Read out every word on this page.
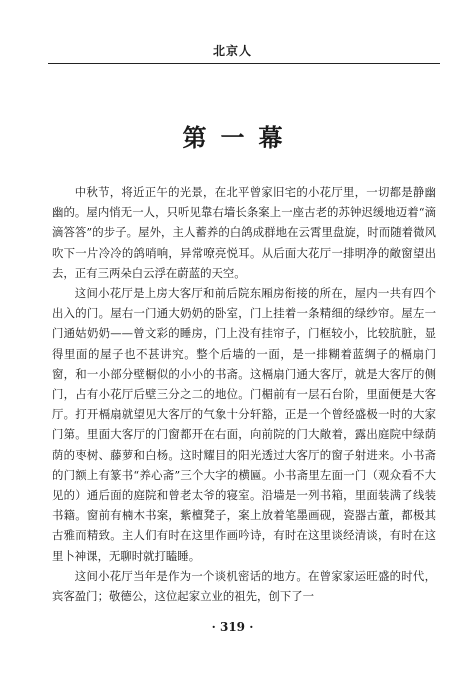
北京人
第一幕

中秋节，将近正午的光景，在北平曾家旧宅的小花厅里，一切都是静幽幽的。屋内悄无一人，只听见靠右墙长条案上一座古老的苏钟迟缓地迈着“滴滴答答”的步子。屋外，主人蓄养的白鸽成群地在云霄里盘旋，时而随着微风吹下一片冷冷的鸽哨响，异常嘹亮悦耳。从后面大花厅一排明净的敞窗望出去，正有三两朵白云浮在蔚蓝的天空。

这间小花厅是上房大客厅和前后院东厢房衔接的所在，屋内一共有四个出入的门。屋右一门通大奶奶的卧室，门上挂着一条精细的绿纱帘。屋左一门通姑奶奶——曾文彩的睡房，门上没有挂帘子，门框较小，比较肮脏，显得里面的屋子也不甚讲究。整个后墙的一面，是一排糊着蓝绸子的槅扇门窗，和一小部分壁橱似的小小的书斋。这槅扇门通大客厅，就是大客厅的侧门，占有小花厅后壁三分之二的地位。门楣前有一层石台阶，里面便是大客厅。打开槅扇就望见大客厅的气象十分轩豁，正是一个曾经盛极一时的大家门第。里面大客厅的门窗都开在右面，向前院的门大敞着，露出庭院中绿荫荫的枣树、藤萝和白杨。这时耀目的阳光透过大客厅的窗子射进来。小书斋的门额上有篆书“养心斋”三个大字的横匾。小书斋里左面一门（观众看不大见的）通后面的庭院和曾老太爷的寝室。沿墙是一列书箱，里面装满了线装书籍。窗前有楠木书案，紫檀凳子，案上放着笔墨画砚，瓷器古董，都极其古雅而精致。主人们有时在这里作画吟诗，有时在这里谈经清谈，有时在这里卜神课，无聊时就打瞌睡。

这间小花厅当年是作为一个谈机密话的地方。在曾家家运旺盛的时代，宾客盈门；敬德公，这位起家立业的祖先，创下了一

· 319 ·
